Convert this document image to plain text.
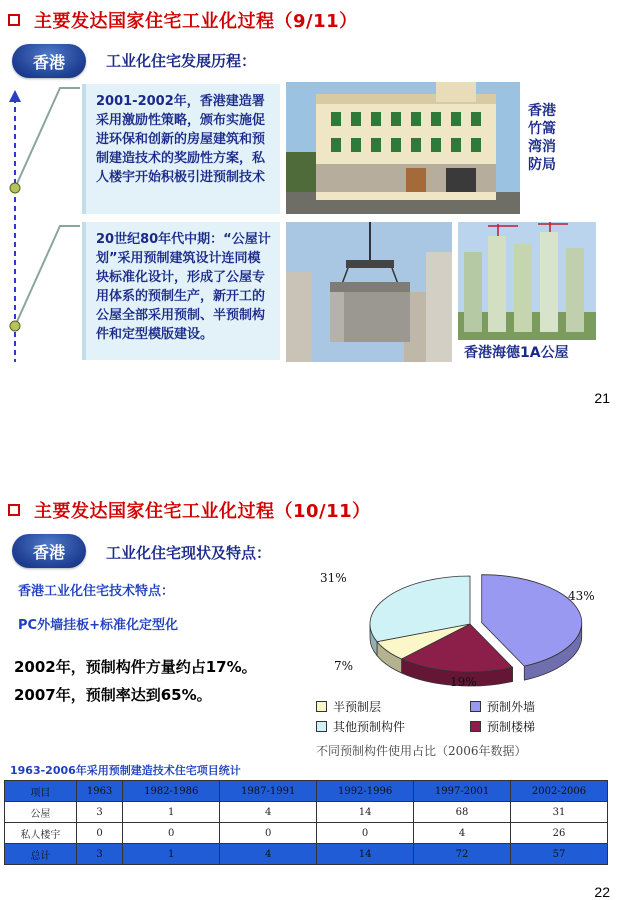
主要发达国家住宅工业化过程（9/11）
香港	工业化住宅发展历程：
2001-2002年，香港建造署采用激励性策略，颁布实施促进环保和创新的房屋建筑和预制建造技术的奖励性方案，私人楼宇开始积极引进预制技术
香港竹篙湾消防局
20世纪80年代中期：“公屋计划”采用预制建筑设计连同模块标准化设计，形成了公屋专用体系的预制生产，新开工的公屋全部采用预制、半预制构件和定型模版建设。
香港海德1A公屋
21
主要发达国家住宅工业化过程（10/11）
香港	工业化住宅现状及特点：
香港工业化住宅技术特点：
PC外墙挂板+标准化定型化
2002年，预制构件方量约占17%。
2007年，预制率达到65%。
43%
19%
7%
31%
半预制层	预制外墙
其他预制构件	预制楼梯
不同预制构件使用占比（2006年数据）
1963-2006年采用预制建造技术住宅项目统计
项目	1963	1982-1986	1987-1991	1992-1996	1997-2001	2002-2006
公屋	3	1	4	14	68	31
私人楼宇	0	0	0	0	4	26
总计	3	1	4	14	72	57
22
